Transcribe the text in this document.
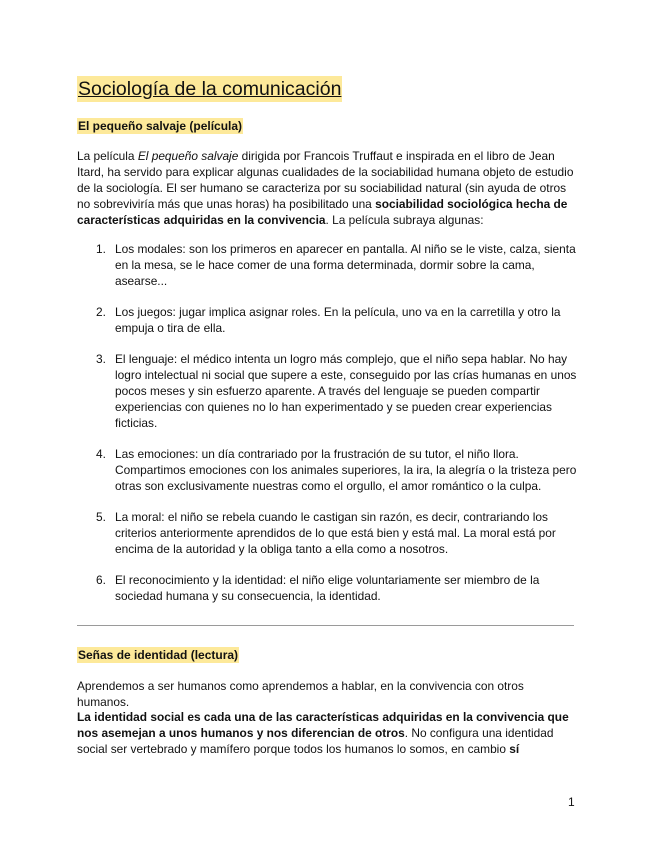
Sociología de la comunicación
El pequeño salvaje (película)

La película El pequeño salvaje dirigida por Francois Truffaut e inspirada en el libro de Jean Itard, ha servido para explicar algunas cualidades de la sociabilidad humana objeto de estudio de la sociología. El ser humano se caracteriza por su sociabilidad natural (sin ayuda de otros no sobreviviría más que unas horas) ha posibilitado una sociabilidad sociológica hecha de características adquiridas en la convivencia. La película subraya algunas:

1. Los modales: son los primeros en aparecer en pantalla. Al niño se le viste, calza, sienta en la mesa, se le hace comer de una forma determinada, dormir sobre la cama, asearse...
2. Los juegos: jugar implica asignar roles. En la película, uno va en la carretilla y otro la empuja o tira de ella.
3. El lenguaje: el médico intenta un logro más complejo, que el niño sepa hablar. No hay logro intelectual ni social que supere a este, conseguido por las crías humanas en unos pocos meses y sin esfuerzo aparente. A través del lenguaje se pueden compartir experiencias con quienes no lo han experimentado y se pueden crear experiencias ficticias.
4. Las emociones: un día contrariado por la frustración de su tutor, el niño llora. Compartimos emociones con los animales superiores, la ira, la alegría o la tristeza pero otras son exclusivamente nuestras como el orgullo, el amor romántico o la culpa.
5. La moral: el niño se rebela cuando le castigan sin razón, es decir, contrariando los criterios anteriormente aprendidos de lo que está bien y está mal. La moral está por encima de la autoridad y la obliga tanto a ella como a nosotros.
6. El reconocimiento y la identidad: el niño elige voluntariamente ser miembro de la sociedad humana y su consecuencia, la identidad.
Señas de identidad (lectura)

Aprendemos a ser humanos como aprendemos a hablar, en la convivencia con otros humanos.

La identidad social es cada una de las características adquiridas en la convivencia que nos asemejan a unos humanos y nos diferencian de otros. No configura una identidad social ser vertebrado y mamífero porque todos los humanos lo somos, en cambio sí

1
